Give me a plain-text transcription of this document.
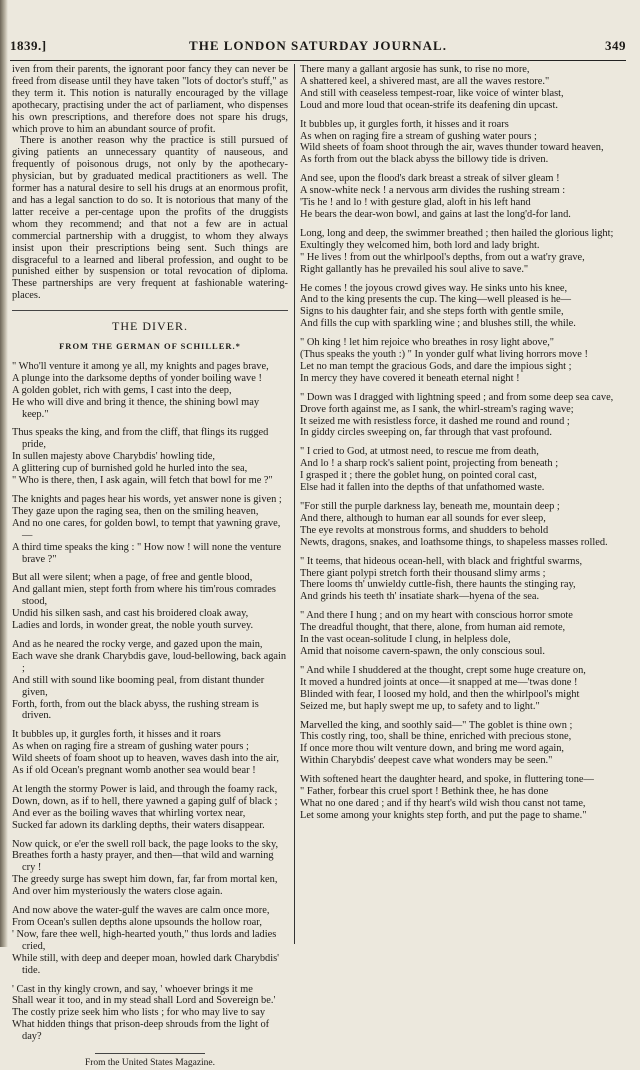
1839.]	THE LONDON SATURDAY JOURNAL.	349

iven from their parents, the ignorant poor fancy they can never be freed from disease until they have taken "lots of doctor's stuff," as they term it. This notion is naturally encouraged by the village apothecary, practising under the act of parliament, who dispenses his own prescriptions, and therefore does not spare his drugs, which prove to him an abundant source of profit.

There is another reason why the practice is still pursued of giving patients an unnecessary quantity of nauseous, and frequently of poisonous drugs, not only by the apothecary-physician, but by graduated medical practitioners as well. The former has a natural desire to sell his drugs at an enormous profit, and has a legal sanction to do so. It is notorious that many of the latter receive a per-centage upon the profits of the druggists whom they recommend; and that not a few are in actual commercial partnership with a druggist, to whom they always insist upon their prescriptions being sent. Such things are disgraceful to a learned and liberal profession, and ought to be punished either by suspension or total revocation of diploma. These partnerships are very frequent at fashionable watering-places.

THE DIVER.
FROM THE GERMAN OF SCHILLER.*
" Who'll venture it among ye all, my knights and pages brave,
A plunge into the darksome depths of yonder boiling wave !
A golden goblet, rich with gems, I cast into the deep,
He who will dive and bring it thence, the shining bowl may keep."
Thus speaks the king, and from the cliff, that flings its rugged pride,
In sullen majesty above Charybdis' howling tide,
A glittering cup of burnished gold he hurled into the sea,
" Who is there, then, I ask again, will fetch that bowl for me ?"
The knights and pages hear his words, yet answer none is given ;
They gaze upon the raging sea, then on the smiling heaven,
And no one cares, for golden bowl, to tempt that yawning grave,—
A third time speaks the king : " How now ! will none the venture brave ?"
But all were silent; when a page, of free and gentle blood,
And gallant mien, stept forth from where his tim'rous comrades stood,
Undid his silken sash, and cast his broidered cloak away,
Ladies and lords, in wonder great, the noble youth survey.
And as he neared the rocky verge, and gazed upon the main,
Each wave she drank Charybdis gave, loud-bellowing, back again ;
And still with sound like booming peal, from distant thunder given,
Forth, forth, from out the black abyss, the rushing stream is driven.
It bubbles up, it gurgles forth, it hisses and it roars
As when on raging fire a stream of gushing water pours ;
Wild sheets of foam shoot up to heaven, waves dash into the air,
As if old Ocean's pregnant womb another sea would bear !
At length the stormy Power is laid, and through the foamy rack,
Down, down, as if to hell, there yawned a gaping gulf of black ;
And ever as the boiling waves that whirling vortex near,
Sucked far adown its darkling depths, their waters disappear.
Now quick, or e'er the swell roll back, the page looks to the sky,
Breathes forth a hasty prayer, and then—that wild and warning cry !
The greedy surge has swept him down, far, far from mortal ken,
And over him mysteriously the waters close again.
And now above the water-gulf the waves are calm once more,
From Ocean's sullen depths alone upsounds the hollow roar,
' Now, fare thee well, high-hearted youth," thus lords and ladies cried,
While still, with deep and deeper moan, howled dark Charybdis' tide.
' Cast in thy kingly crown, and say, ' whoever brings it me
Shall wear it too, and in my stead shall Lord and Sovereign be.'
The costly prize seek him who lists ; for who may live to say
What hidden things that prison-deep shrouds from the light of day?
From the United States Magazine.
There many a gallant argosie has sunk, to rise no more,
A shattered keel, a shivered mast, are all the waves restore."
And still with ceaseless tempest-roar, like voice of winter blast,
Loud and more loud that ocean-strife its deafening din upcast.
It bubbles up, it gurgles forth, it hisses and it roars
As when on raging fire a stream of gushing water pours ;
Wild sheets of foam shoot through the air, waves thunder toward heaven,
As forth from out the black abyss the billowy tide is driven.
And see, upon the flood's dark breast a streak of silver gleam !
A snow-white neck ! a nervous arm divides the rushing stream :
'Tis he ! and lo ! with gesture glad, aloft in his left hand
He bears the dear-won bowl, and gains at last the long'd-for land.
Long, long and deep, the swimmer breathed ; then hailed the glorious light;
Exultingly they welcomed him, both lord and lady bright.
" He lives ! from out the whirlpool's depths, from out a wat'ry grave,
Right gallantly has he prevailed his soul alive to save."
He comes ! the joyous crowd gives way. He sinks unto his knee,
And to the king presents the cup. The king—well pleased is he—
Signs to his daughter fair, and she steps forth with gentle smile,
And fills the cup with sparkling wine ; and blushes still, the while.
" Oh king ! let him rejoice who breathes in rosy light above,"
(Thus speaks the youth :) " In yonder gulf what living horrors move !
Let no man tempt the gracious Gods, and dare the impious sight ;
In mercy they have covered it beneath eternal night !
" Down was I dragged with lightning speed ; and from some deep sea cave,
Drove forth against me, as I sank, the whirl-stream's raging wave;
It seized me with resistless force, it dashed me round and round ;
In giddy circles sweeping on, far through that vast profound.
" I cried to God, at utmost need, to rescue me from death,
And lo ! a sharp rock's salient point, projecting from beneath ;
I grasped it ; there the goblet hung, on pointed coral cast,
Else had it fallen into the depths of that unfathomed waste.
"For still the purple darkness lay, beneath me, mountain deep ;
And there, although to human ear all sounds for ever sleep,
The eye revolts at monstrous forms, and shudders to behold
Newts, dragons, snakes, and loathsome things, to shapeless masses rolled.
" It teems, that hideous ocean-hell, with black and frightful swarms,
There giant polypi stretch forth their thousand slimy arms ;
There looms th' unwieldy cuttle-fish, there haunts the stinging ray,
And grinds his teeth th' insatiate shark—hyena of the sea.
" And there I hung ; and on my heart with conscious horror smote
The dreadful thought, that there, alone, from human aid remote,
In the vast ocean-solitude I clung, in helpless dole,
Amid that noisome cavern-spawn, the only conscious soul.
" And while I shuddered at the thought, crept some huge creature on,
It moved a hundred joints at once—it snapped at me—'twas done !
Blinded with fear, I loosed my hold, and then the whirlpool's might
Seized me, but haply swept me up, to safety and to light."
Marvelled the king, and soothly said—" The goblet is thine own ;
This costly ring, too, shall be thine, enriched with precious stone,
If once more thou wilt venture down, and bring me word again,
Within Charybdis' deepest cave what wonders may be seen."
With softened heart the daughter heard, and spoke, in fluttering tone—
" Father, forbear this cruel sport ! Bethink thee, he has done
What no one dared ; and if thy heart's wild wish thou canst not tame,
Let some among your knights step forth, and put the page to shame."
